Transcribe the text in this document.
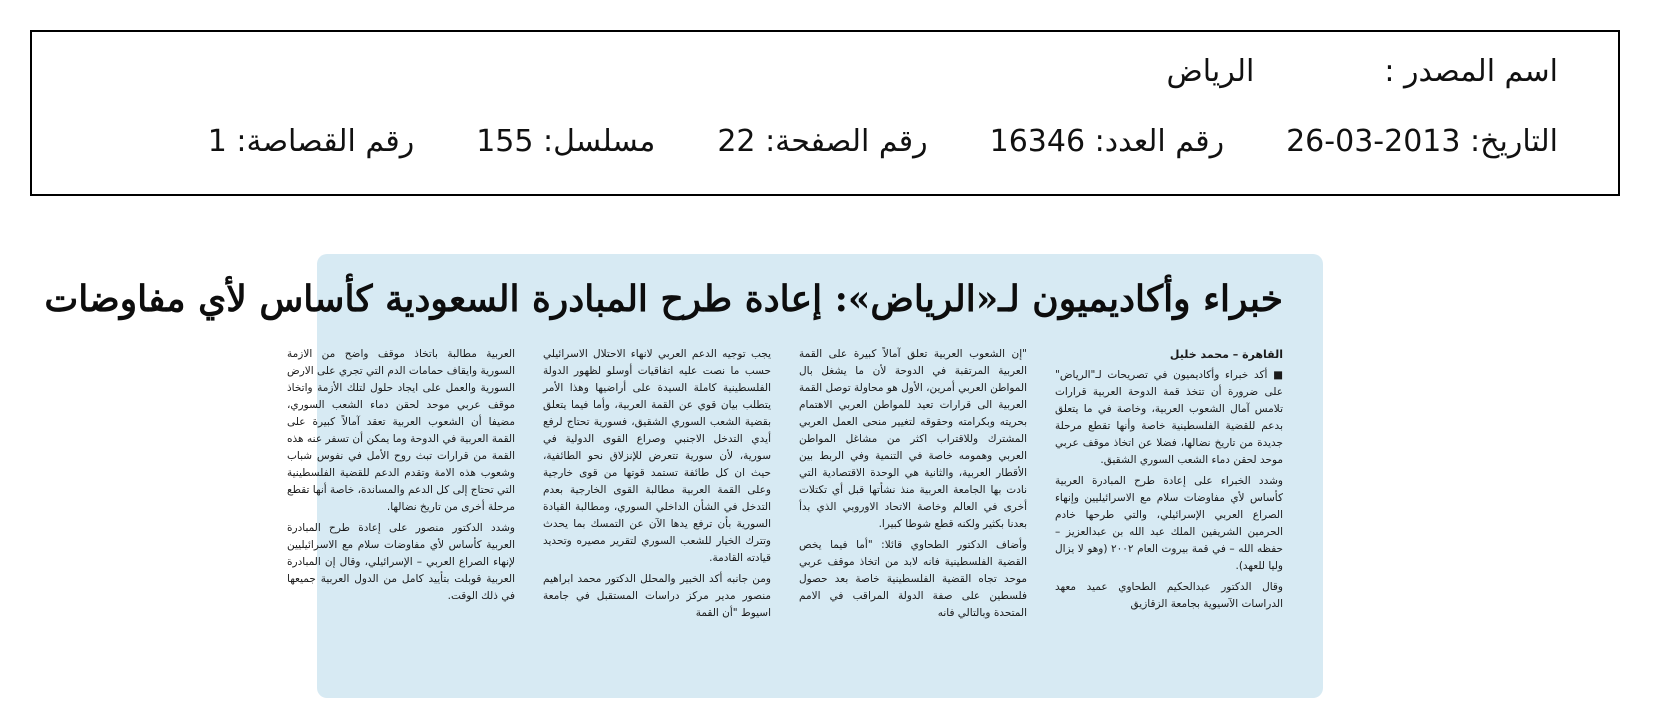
اسم المصدر :الرياض
التاريخ: 2013-03-26رقم العدد: 16346رقم الصفحة: 22مسلسل: 155رقم القصاصة: 1
خبراء وأكاديميون لـ«الرياض»: إعادة طرح المبادرة السعودية كأساس لأي مفاوضات
القاهرة – محمد خليل

■ أكد خبراء وأكاديميون في تصريحات لـ"الرياض" على ضرورة أن تتخذ قمة الدوحة العربية قرارات تلامس آمال الشعوب العربية، وخاصة في ما يتعلق بدعم للقضية الفلسطينية خاصة وأنها تقطع مرحلة جديدة من تاريخ نضالها، فضلا عن اتخاذ موقف عربي موحد لحقن دماء الشعب السوري الشقيق.

وشدد الخبراء على إعادة طرح المبادرة العربية كأساس لأي مفاوضات سلام مع الاسرائيليين وإنهاء الصراع العربي الإسرائيلي، والتي طرحها خادم الحرمين الشريفين الملك عبد الله بن عبدالعزيز – حفظه الله – في قمة بيروت العام ٢٠٠٢ (وهو لا يزال وليا للعهد).

وقال الدكتور عبدالحكيم الطحاوي عميد معهد الدراسات الآسيوية بجامعة الزقازيق

"إن الشعوب العربية تعلق آمالاً كبيرة على القمة العربية المرتقبة في الدوحة لأن ما يشغل بال المواطن العربي أمرين، الأول هو محاولة توصل القمة العربية الى قرارات تعيد للمواطن العربي الاهتمام بحريته وبكرامته وحقوقه لتغيير منحى العمل العربي المشترك وللاقتراب اكثر من مشاغل المواطن العربي وهمومه خاصة في التنمية وفي الربط بين الأقطار العربية، والثانية هي الوحدة الاقتصادية التي نادت بها الجامعة العربية منذ نشأتها قبل أي تكتلات أخرى في العالم وخاصة الاتحاد الاوروبي الذي بدأ بعدنا بكثير ولكنه قطع شوطا كبيرا.

وأضاف الدكتور الطحاوي قائلا: "أما فيما يخص القضية الفلسطينية فانه لابد من اتخاذ موقف عربي موحد تجاه القضية الفلسطينية خاصة بعد حصول فلسطين على صفة الدولة المراقب في الامم المتحدة وبالتالي فانه

يجب توجيه الدعم العربي لانهاء الاحتلال الاسرائيلي حسب ما نصت عليه اتفاقيات أوسلو لظهور الدولة الفلسطينية كاملة السيدة على أراضيها وهذا الأمر يتطلب بيان قوي عن القمة العربية، وأما فيما يتعلق بقضية الشعب السوري الشقيق، فسورية تحتاج لرفع أيدي التدخل الاجنبي وصراع القوى الدولية في سورية، لأن سورية تتعرض للإنزلاق نحو الطائفية، حيث ان كل طائفة تستمد قوتها من قوى خارجية وعلى القمة العربية مطالبة القوى الخارجية بعدم التدخل في الشأن الداخلي السوري، ومطالبة القيادة السورية بأن ترفع يدها الآن عن التمسك بما يحدث وتترك الخيار للشعب السوري لتقرير مصيره وتحديد قيادته القادمة.

ومن جانبه أكد الخبير والمحلل الدكتور محمد ابراهيم منصور مدير مركز دراسات المستقبل في جامعة اسيوط "أن القمة

العربية مطالبة باتخاذ موقف واضح من الازمة السورية وايقاف حمامات الدم التي تجري على الارض السورية والعمل على ايجاد حلول لتلك الأزمة واتخاذ موقف عربي موحد لحقن دماء الشعب السوري، مضيفا أن الشعوب العربية تعقد آمالاً كبيرة على القمة العربية في الدوحة وما يمكن أن تسفر عنه هذه القمة من قرارات تبث روح الأمل في نفوس شباب وشعوب هذه الامة وتقدم الدعم للقضية الفلسطينية التي تحتاج إلى كل الدعم والمساندة، خاصة أنها تقطع مرحلة أخرى من تاريخ نضالها.

وشدد الدكتور منصور على إعادة طرح المبادرة العربية كأساس لأي مفاوضات سلام مع الاسرائيليين لإنهاء الصراع العربي – الإسرائيلي، وقال إن المبادرة العربية قوبلت بتأييد كامل من الدول العربية جميعها في ذلك الوقت.
